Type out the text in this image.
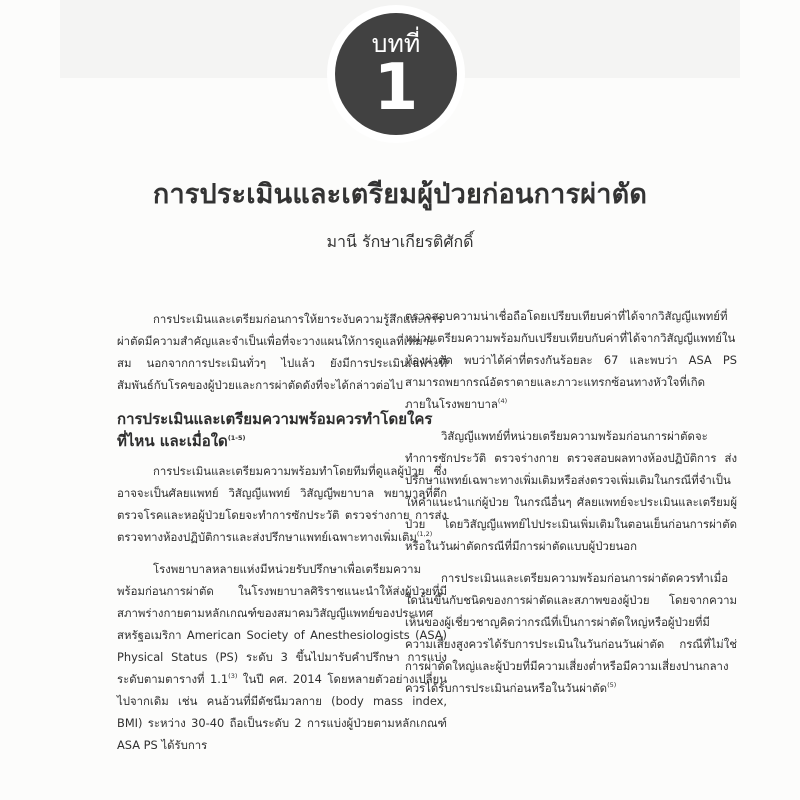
บทที่
1
การประเมินและเตรียมผู้ป่วยก่อนการผ่าตัด
มานี รักษาเกียรติศักดิ์

การประเมินและเตรียมก่อนการให้ยาระงับความรู้สึกและการผ่าตัดมีความสำคัญและจำเป็นเพื่อที่จะวางแผนให้การดูแลที่เหมาะสม นอกจากการประเมินทั่วๆ ไปแล้ว ยังมีการประเมินเฉพาะที่สัมพันธ์กับโรคของผู้ป่วยและการผ่าตัดดังที่จะได้กล่าวต่อไป

การประเมินและเตรียมความพร้อมควรทำโดยใคร ที่ไหน และเมื่อใด$^{(1-5)}$

การประเมินและเตรียมความพร้อมทำโดยทีมที่ดูแลผู้ป่วย ซึ่งอาจจะเป็นศัลยแพทย์ วิสัญญีแพทย์ วิสัญญีพยาบาล พยาบาลที่ตึกตรวจโรคและหอผู้ป่วยโดยจะทำการซักประวัติ ตรวจร่างกาย การส่งตรวจทางห้องปฏิบัติการและส่งปรึกษาแพทย์เฉพาะทางเพิ่มเติม$^{(1,2)}$

โรงพยาบาลหลายแห่งมีหน่วยรับปรึกษาเพื่อเตรียมความพร้อมก่อนการผ่าตัด ในโรงพยาบาลศิริราชแนะนำให้ส่งผู้ป่วยที่มีสภาพร่างกายตามหลักเกณฑ์ของสมาคมวิสัญญีแพทย์ของประเทศสหรัฐอเมริกา American Society of Anesthesiologists (ASA) Physical Status (PS) ระดับ 3 ขึ้นไปมารับคำปรึกษา การแบ่งระดับตามตารางที่ 1.1$^{(3)}$ ในปี คศ. 2014 โดยหลายตัวอย่างเปลี่ยนไปจากเดิม เช่น คนอ้วนที่มีดัชนีมวลกาย (body mass index, BMI) ระหว่าง 30-40 ถือเป็นระดับ 2 การแบ่งผู้ป่วยตามหลักเกณฑ์ ASA PS ได้รับการ

ตรวจสอบความน่าเชื่อถือโดยเปรียบเทียบค่าที่ได้จากวิสัญญีแพทย์ที่หน่วยเตรียมความพร้อมกับเปรียบเทียบกับค่าที่ได้จากวิสัญญีแพทย์ในห้องผ่าตัด พบว่าได้ค่าที่ตรงกันร้อยละ 67 และพบว่า ASA PS สามารถพยากรณ์อัตราตายและภาวะแทรกซ้อนทางหัวใจที่เกิดภายในโรงพยาบาล$^{(4)}$

วิสัญญีแพทย์ที่หน่วยเตรียมความพร้อมก่อนการผ่าตัดจะทำการซักประวัติ ตรวจร่างกาย ตรวจสอบผลทางห้องปฏิบัติการ ส่งปรึกษาแพทย์เฉพาะทางเพิ่มเติมหรือส่งตรวจเพิ่มเติมในกรณีที่จำเป็น ให้คำแนะนำแก่ผู้ป่วย ในกรณีอื่นๆ ศัลยแพทย์จะประเมินและเตรียมผู้ป่วย โดยวิสัญญีแพทย์ไปประเมินเพิ่มเติมในตอนเย็นก่อนการผ่าตัดหรือในวันผ่าตัดกรณีที่มีการผ่าตัดแบบผู้ป่วยนอก

การประเมินและเตรียมความพร้อมก่อนการผ่าตัดควรทำเมื่อใดนั้นขึ้นกับชนิดของการผ่าตัดและสภาพของผู้ป่วย โดยจากความเห็นของผู้เชี่ยวชาญคิดว่ากรณีที่เป็นการผ่าตัดใหญ่หรือผู้ป่วยที่มีความเสี่ยงสูงควรได้รับการประเมินในวันก่อนวันผ่าตัด กรณีที่ไม่ใช่การผ่าตัดใหญ่และผู้ป่วยที่มีความเสี่ยงต่ำหรือมีความเสี่ยงปานกลางควรได้รับการประเมินก่อนหรือในวันผ่าตัด$^{(5)}$
